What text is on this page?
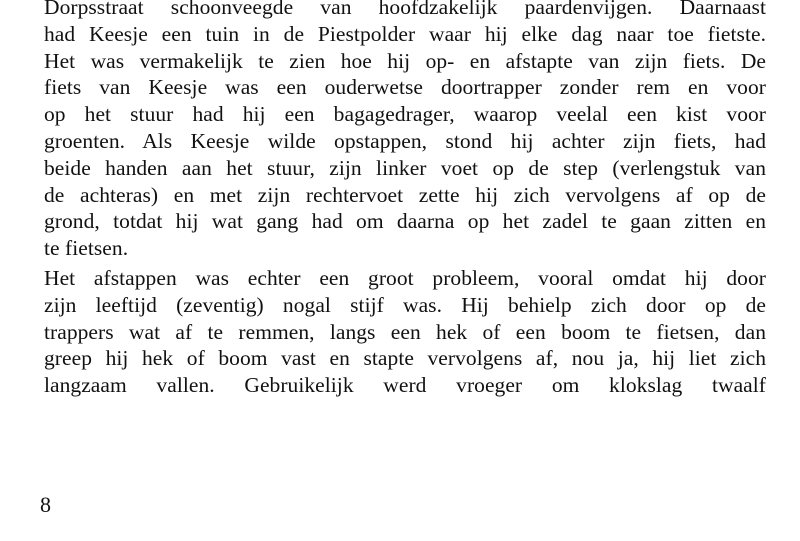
Dorpsstraat schoonveegde van hoofdzakelijk paardenvijgen. Daarnaast
had Keesje een tuin in de Piestpolder waar hij elke dag naar toe fietste.
Het was vermakelijk te zien hoe hij op- en afstapte van zijn fiets. De
fiets van Keesje was een ouderwetse doortrapper zonder rem en voor
op het stuur had hij een bagagedrager, waarop veelal een kist voor
groenten. Als Keesje wilde opstappen, stond hij achter zijn fiets, had
beide handen aan het stuur, zijn linker voet op de step (verlengstuk van
de achteras) en met zijn rechtervoet zette hij zich vervolgens af op de
grond, totdat hij wat gang had om daarna op het zadel te gaan zitten en
te fietsen.
Het afstappen was echter een groot probleem, vooral omdat hij door
zijn leeftijd (zeventig) nogal stijf was. Hij behielp zich door op de
trappers wat af te remmen, langs een hek of een boom te fietsen, dan
greep hij hek of boom vast en stapte vervolgens af, nou ja, hij liet zich
langzaam vallen. Gebruikelijk werd vroeger om klokslag twaalf
8
